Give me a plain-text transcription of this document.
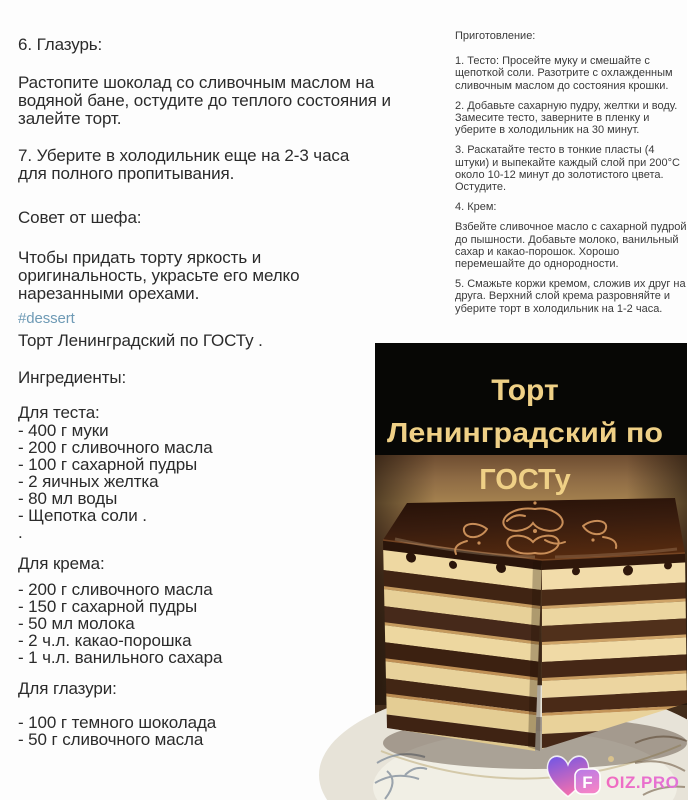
6. Глазурь:
Растопите шоколад со сливочным маслом на водяной бане, остудите до теплого состояния и залейте торт.
7. Уберите в холодильник еще на 2-3 часа для полного пропитывания.
Совет от шефа:
Чтобы придать торту яркость и оригинальность, украсьте его мелко нарезанными орехами.
#dessert
Торт Ленинградский по ГОСТу .
Ингредиенты:
Для теста:
- 400 г муки
- 200 г сливочного масла
- 100 г сахарной пудры
- 2 яичных желтка
- 80 мл воды
- Щепотка соли .
.
Для крема:
- 200 г сливочного масла
- 150 г сахарной пудры
- 50 мл молока
- 2 ч.л. какао-порошка
- 1 ч.л. ванильного сахара
Для глазури:
- 100 г темного шоколада
- 50 г сливочного масла

Приготовление:

1. Тесто: Просейте муку и смешайте с щепоткой соли. Разотрите с охлажденным сливочным маслом до состояния крошки.

2. Добавьте сахарную пудру, желтки и воду. Замесите тесто, заверните в пленку и уберите в холодильник на 30 минут.

3. Раскатайте тесто в тонкие пласты (4 штуки) и выпекайте каждый слой при 200°C около 10-12 минут до золотистого цвета. Остудите.

4. Крем:

Взбейте сливочное масло с сахарной пудрой до пышности. Добавьте молоко, ванильный сахар и какао-порошок. Хорошо перемешайте до однородности.

5. Смажьте коржи кремом, сложив их друг на друга. Верхний слой крема разровняйте и уберите торт в холодильник на 1-2 часа.

Торт
Ленинградский по
ГОСТу
F OIZ.PRO
